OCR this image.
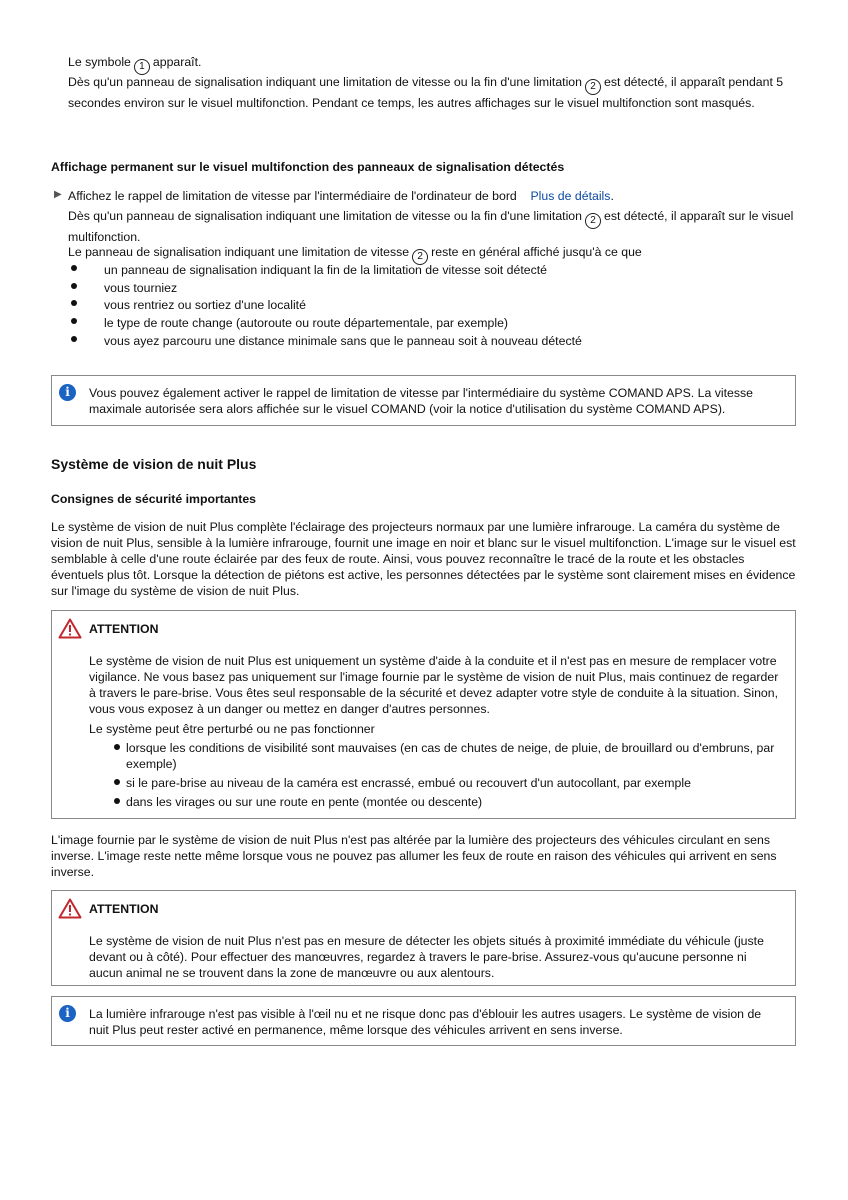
Le symbole 1 apparaît.

Dès qu'un panneau de signalisation indiquant une limitation de vitesse ou la fin d'une limitation 2 est détecté, il apparaît pendant 5 secondes environ sur le visuel multifonction. Pendant ce temps, les autres affichages sur le visuel multifonction sont masqués.

Affichage permanent sur le visuel multifonction des panneaux de signalisation détectés

▶ Affichez le rappel de limitation de vitesse par l'intermédiaire de l'ordinateur de bord Plus de détails.

Dès qu'un panneau de signalisation indiquant une limitation de vitesse ou la fin d'une limitation 2 est détecté, il apparaît sur le visuel multifonction.

Le panneau de signalisation indiquant une limitation de vitesse 2 reste en général affiché jusqu'à ce que

un panneau de signalisation indiquant la fin de la limitation de vitesse soit détecté

vous tourniez

vous rentriez ou sortiez d'une localité

le type de route change (autoroute ou route départementale, par exemple)

vous ayez parcouru une distance minimale sans que le panneau soit à nouveau détecté

i	Vous pouvez également activer le rappel de limitation de vitesse par l'intermédiaire du système COMAND APS. La vitesse maximale autorisée sera alors affichée sur le visuel COMAND (voir la notice d'utilisation du système COMAND APS).

Système de vision de nuit Plus

Consignes de sécurité importantes

Le système de vision de nuit Plus complète l'éclairage des projecteurs normaux par une lumière infrarouge. La caméra du système de vision de nuit Plus, sensible à la lumière infrarouge, fournit une image en noir et blanc sur le visuel multifonction. L'image sur le visuel est semblable à celle d'une route éclairée par des feux de route. Ainsi, vous pouvez reconnaître le tracé de la route et les obstacles éventuels plus tôt. Lorsque la détection de piétons est active, les personnes détectées par le système sont clairement mises en évidence sur l'image du système de vision de nuit Plus.

ATTENTION

Le système de vision de nuit Plus est uniquement un système d'aide à la conduite et il n'est pas en mesure de remplacer votre vigilance. Ne vous basez pas uniquement sur l'image fournie par le système de vision de nuit Plus, mais continuez de regarder à travers le pare-brise. Vous êtes seul responsable de la sécurité et devez adapter votre style de conduite à la situation. Sinon, vous vous exposez à un danger ou mettez en danger d'autres personnes.

Le système peut être perturbé ou ne pas fonctionner

lorsque les conditions de visibilité sont mauvaises (en cas de chutes de neige, de pluie, de brouillard ou d'embruns, par exemple)

si le pare-brise au niveau de la caméra est encrassé, embué ou recouvert d'un autocollant, par exemple

dans les virages ou sur une route en pente (montée ou descente)

L'image fournie par le système de vision de nuit Plus n'est pas altérée par la lumière des projecteurs des véhicules circulant en sens inverse. L'image reste nette même lorsque vous ne pouvez pas allumer les feux de route en raison des véhicules qui arrivent en sens inverse.

ATTENTION

Le système de vision de nuit Plus n'est pas en mesure de détecter les objets situés à proximité immédiate du véhicule (juste devant ou à côté). Pour effectuer des manœuvres, regardez à travers le pare-brise. Assurez-vous qu'aucune personne ni aucun animal ne se trouvent dans la zone de manœuvre ou aux alentours.

i	La lumière infrarouge n'est pas visible à l'œil nu et ne risque donc pas d'éblouir les autres usagers. Le système de vision de nuit Plus peut rester activé en permanence, même lorsque des véhicules arrivent en sens inverse.
